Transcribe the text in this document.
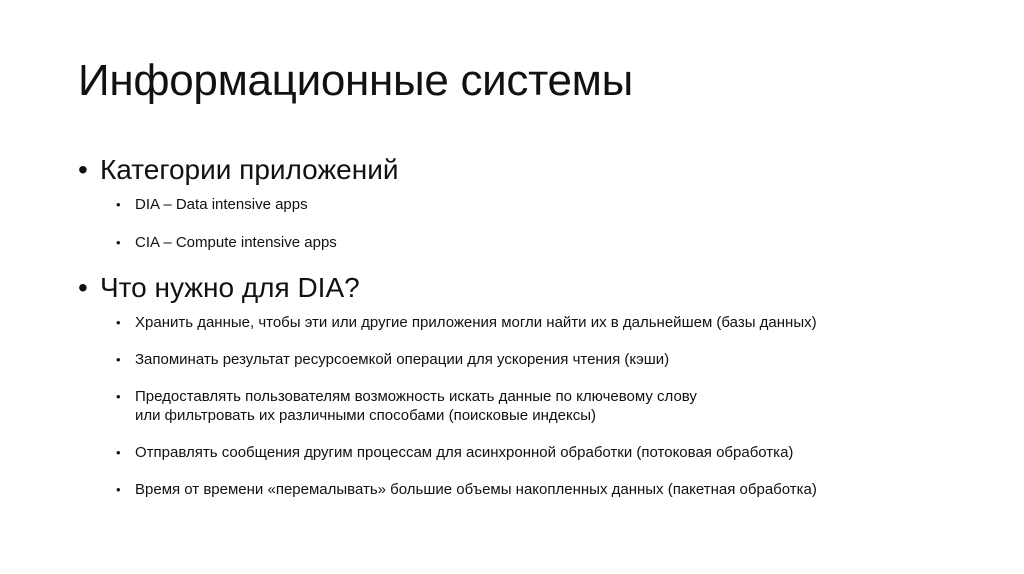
Информационные системы
• Категории приложений
• DIA – Data intensive apps
• CIA – Compute intensive apps
• Что нужно для DIA?
• Хранить данные, чтобы эти или другие приложения могли найти их в дальнейшем (базы данных)
• Запоминать результат ресурсоемкой операции для ускорения чтения (кэши)
• Предоставлять пользователям возможность искать данные по ключевому слову
или фильтровать их различными способами (поисковые индексы)
• Отправлять сообщения другим процессам для асинхронной обработки (потоковая обработка)
• Время от времени «перемалывать» большие объемы накопленных данных (пакетная обработка)
